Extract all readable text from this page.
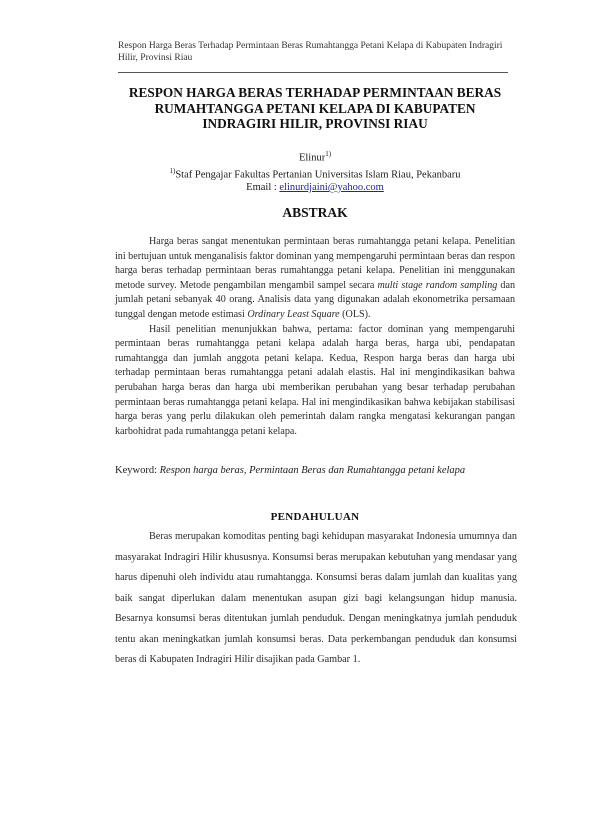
Respon Harga Beras Terhadap Permintaan Beras Rumahtangga Petani Kelapa di Kabupaten Indragiri Hilir, Provinsi Riau
RESPON HARGA BERAS TERHADAP PERMINTAAN BERAS
RUMAHTANGGA PETANI KELAPA DI KABUPATEN
INDRAGIRI HILIR, PROVINSI RIAU
Elinur$^{1)}$
$^{1)}$Staf Pengajar Fakultas Pertanian Universitas Islam Riau, Pekanbaru
Email : elinurdjaini@yahoo.com
ABSTRAK

Harga beras sangat menentukan permintaan beras rumahtangga petani kelapa. Penelitian ini bertujuan untuk menganalisis faktor dominan yang mempengaruhi permintaan beras dan respon harga beras terhadap permintaan beras rumahtangga petani kelapa. Penelitian ini menggunakan metode survey. Metode pengambilan mengambil sampel secara multi stage random sampling dan jumlah petani sebanyak 40 orang. Analisis data yang digunakan adalah ekonometrika persamaan tunggal dengan metode estimasi Ordinary Least Square (OLS).

Hasil penelitian menunjukkan bahwa, pertama: factor dominan yang mempengaruhi permintaan beras rumahtangga petani kelapa adalah harga beras, harga ubi, pendapatan rumahtangga dan jumlah anggota petani kelapa. Kedua, Respon harga beras dan harga ubi terhadap permintaan beras rumahtangga petani adalah elastis. Hal ini mengindikasikan bahwa perubahan harga beras dan harga ubi memberikan perubahan yang besar terhadap perubahan permintaan beras rumahtangga petani kelapa. Hal ini mengindikasikan bahwa kebijakan stabilisasi harga beras yang perlu dilakukan oleh pemerintah dalam rangka mengatasi kekurangan pangan karbohidrat pada rumahtangga petani kelapa.

Keyword: Respon harga beras, Permintaan Beras dan Rumahtangga petani kelapa
PENDAHULUAN

Beras merupakan komoditas penting bagi kehidupan masyarakat Indonesia umumnya dan masyarakat Indragiri Hilir khususnya. Konsumsi beras merupakan kebutuhan yang mendasar yang harus dipenuhi oleh individu atau rumahtangga. Konsumsi beras dalam jumlah dan kualitas yang baik sangat diperlukan dalam menentukan asupan gizi bagi kelangsungan hidup manusia. Besarnya konsumsi beras ditentukan jumlah penduduk. Dengan meningkatnya jumlah penduduk tentu akan meningkatkan jumlah konsumsi beras. Data perkembangan penduduk dan konsumsi beras di Kabupaten Indragiri Hilir disajikan pada Gambar 1.
